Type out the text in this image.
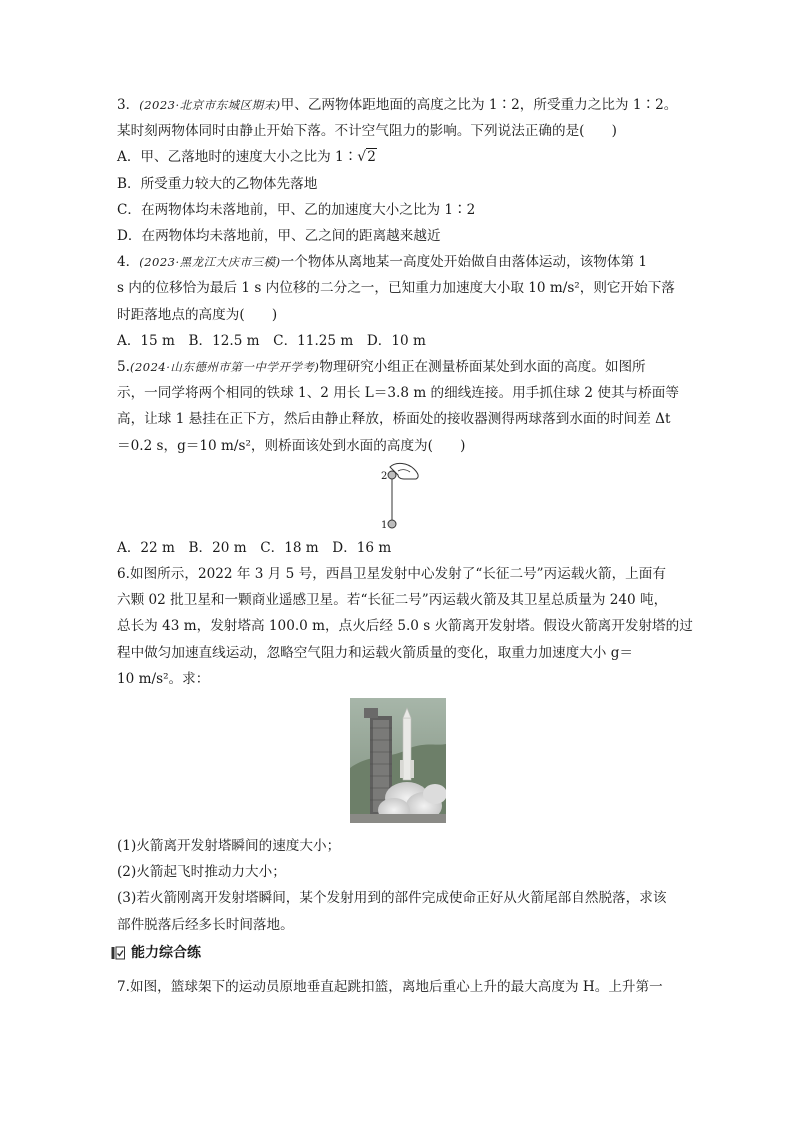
3．(2023·北京市东城区期末)甲、乙两物体距地面的高度之比为 1∶2，所受重力之比为 1∶2。
某时刻两物体同时由静止开始下落。不计空气阻力的影响。下列说法正确的是(　　)
A．甲、乙落地时的速度大小之比为 1∶√2
B．所受重力较大的乙物体先落地
C．在两物体均未落地前，甲、乙的加速度大小之比为 1∶2
D．在两物体均未落地前，甲、乙之间的距离越来越近
4．(2023·黑龙江大庆市三模)一个物体从离地某一高度处开始做自由落体运动，该物体第 1
s 内的位移恰为最后 1 s 内位移的二分之一，已知重力加速度大小取 10 m/s²，则它开始下落
时距落地点的高度为(　　)
A．15 m　B．12.5 m　C．11.25 m　D．10 m
5.(2024·山东德州市第一中学开学考)物理研究小组正在测量桥面某处到水面的高度。如图所
示，一同学将两个相同的铁球 1、2 用长 L＝3.8 m 的细线连接。用手抓住球 2 使其与桥面等
高，让球 1 悬挂在正下方，然后由静止释放，桥面处的接收器测得两球落到水面的时间差 Δt
＝0.2 s，g＝10 m/s²，则桥面该处到水面的高度为(　　)
2
1
A．22 m　B．20 m　C．18 m　D．16 m
6.如图所示，2022 年 3 月 5 号，西昌卫星发射中心发射了“长征二号”丙运载火箭，上面有
六颗 02 批卫星和一颗商业遥感卫星。若“长征二号”丙运载火箭及其卫星总质量为 240 吨，
总长为 43 m，发射塔高 100.0 m，点火后经 5.0 s 火箭离开发射塔。假设火箭离开发射塔的过
程中做匀加速直线运动，忽略空气阻力和运载火箭质量的变化，取重力加速度大小 g＝
10 m/s²。求：
(1)火箭离开发射塔瞬间的速度大小；
(2)火箭起飞时推动力大小；
(3)若火箭刚离开发射塔瞬间，某个发射用到的部件完成使命正好从火箭尾部自然脱落，求该
部件脱落后经多长时间落地。
能力综合练
7.如图，篮球架下的运动员原地垂直起跳扣篮，离地后重心上升的最大高度为 H。上升第一
